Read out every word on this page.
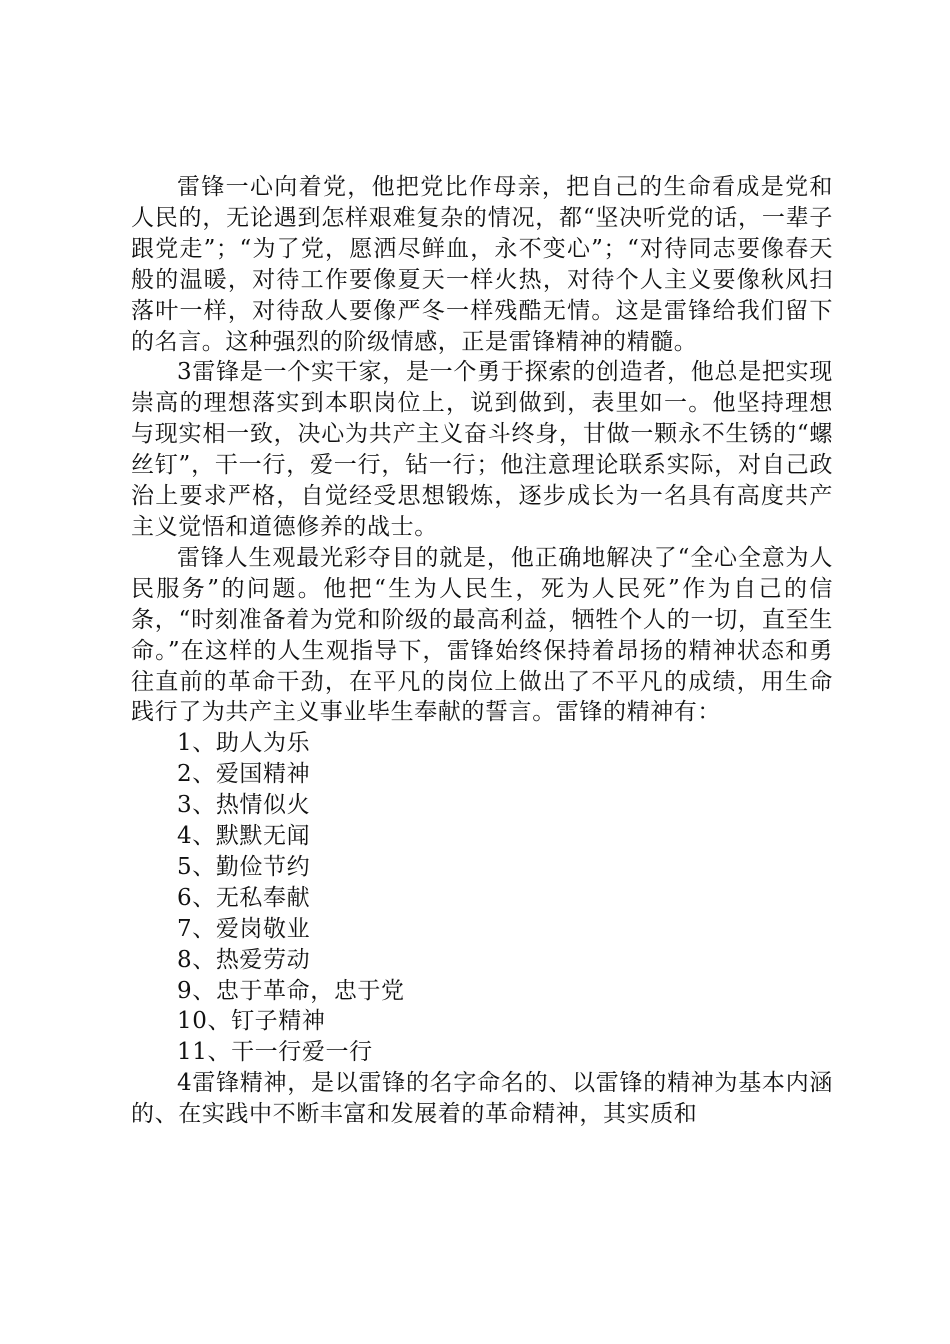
雷锋一心向着党，他把党比作母亲，把自己的生命看成是党和人民的，无论遇到怎样艰难复杂的情况，都“坚决听党的话，一辈子跟党走”；“为了党，愿洒尽鲜血，永不变心”；“对待同志要像春天般的温暖，对待工作要像夏天一样火热，对待个人主义要像秋风扫落叶一样，对待敌人要像严冬一样残酷无情。这是雷锋给我们留下的名言。这种强烈的阶级情感，正是雷锋精神的精髓。

3雷锋是一个实干家，是一个勇于探索的创造者，他总是把实现崇高的理想落实到本职岗位上，说到做到，表里如一。他坚持理想与现实相一致，决心为共产主义奋斗终身，甘做一颗永不生锈的“螺丝钉”，干一行，爱一行，钻一行；他注意理论联系实际，对自己政治上要求严格，自觉经受思想锻炼，逐步成长为一名具有高度共产主义觉悟和道德修养的战士。

雷锋人生观最光彩夺目的就是，他正确地解决了“全心全意为人民服务”的问题。他把“生为人民生，死为人民死”作为自己的信条，“时刻准备着为党和阶级的最高利益，牺牲个人的一切，直至生命。”在这样的人生观指导下，雷锋始终保持着昂扬的精神状态和勇往直前的革命干劲，在平凡的岗位上做出了不平凡的成绩，用生命践行了为共产主义事业毕生奉献的誓言。雷锋的精神有：

1、助人为乐
2、爱国精神
3、热情似火
4、默默无闻
5、勤俭节约
6、无私奉献
7、爱岗敬业
8、热爱劳动
9、忠于革命，忠于党
10、钉子精神
11、干一行爱一行

4雷锋精神，是以雷锋的名字命名的、以雷锋的精神为基本内涵的、在实践中不断丰富和发展着的革命精神，其实质和
